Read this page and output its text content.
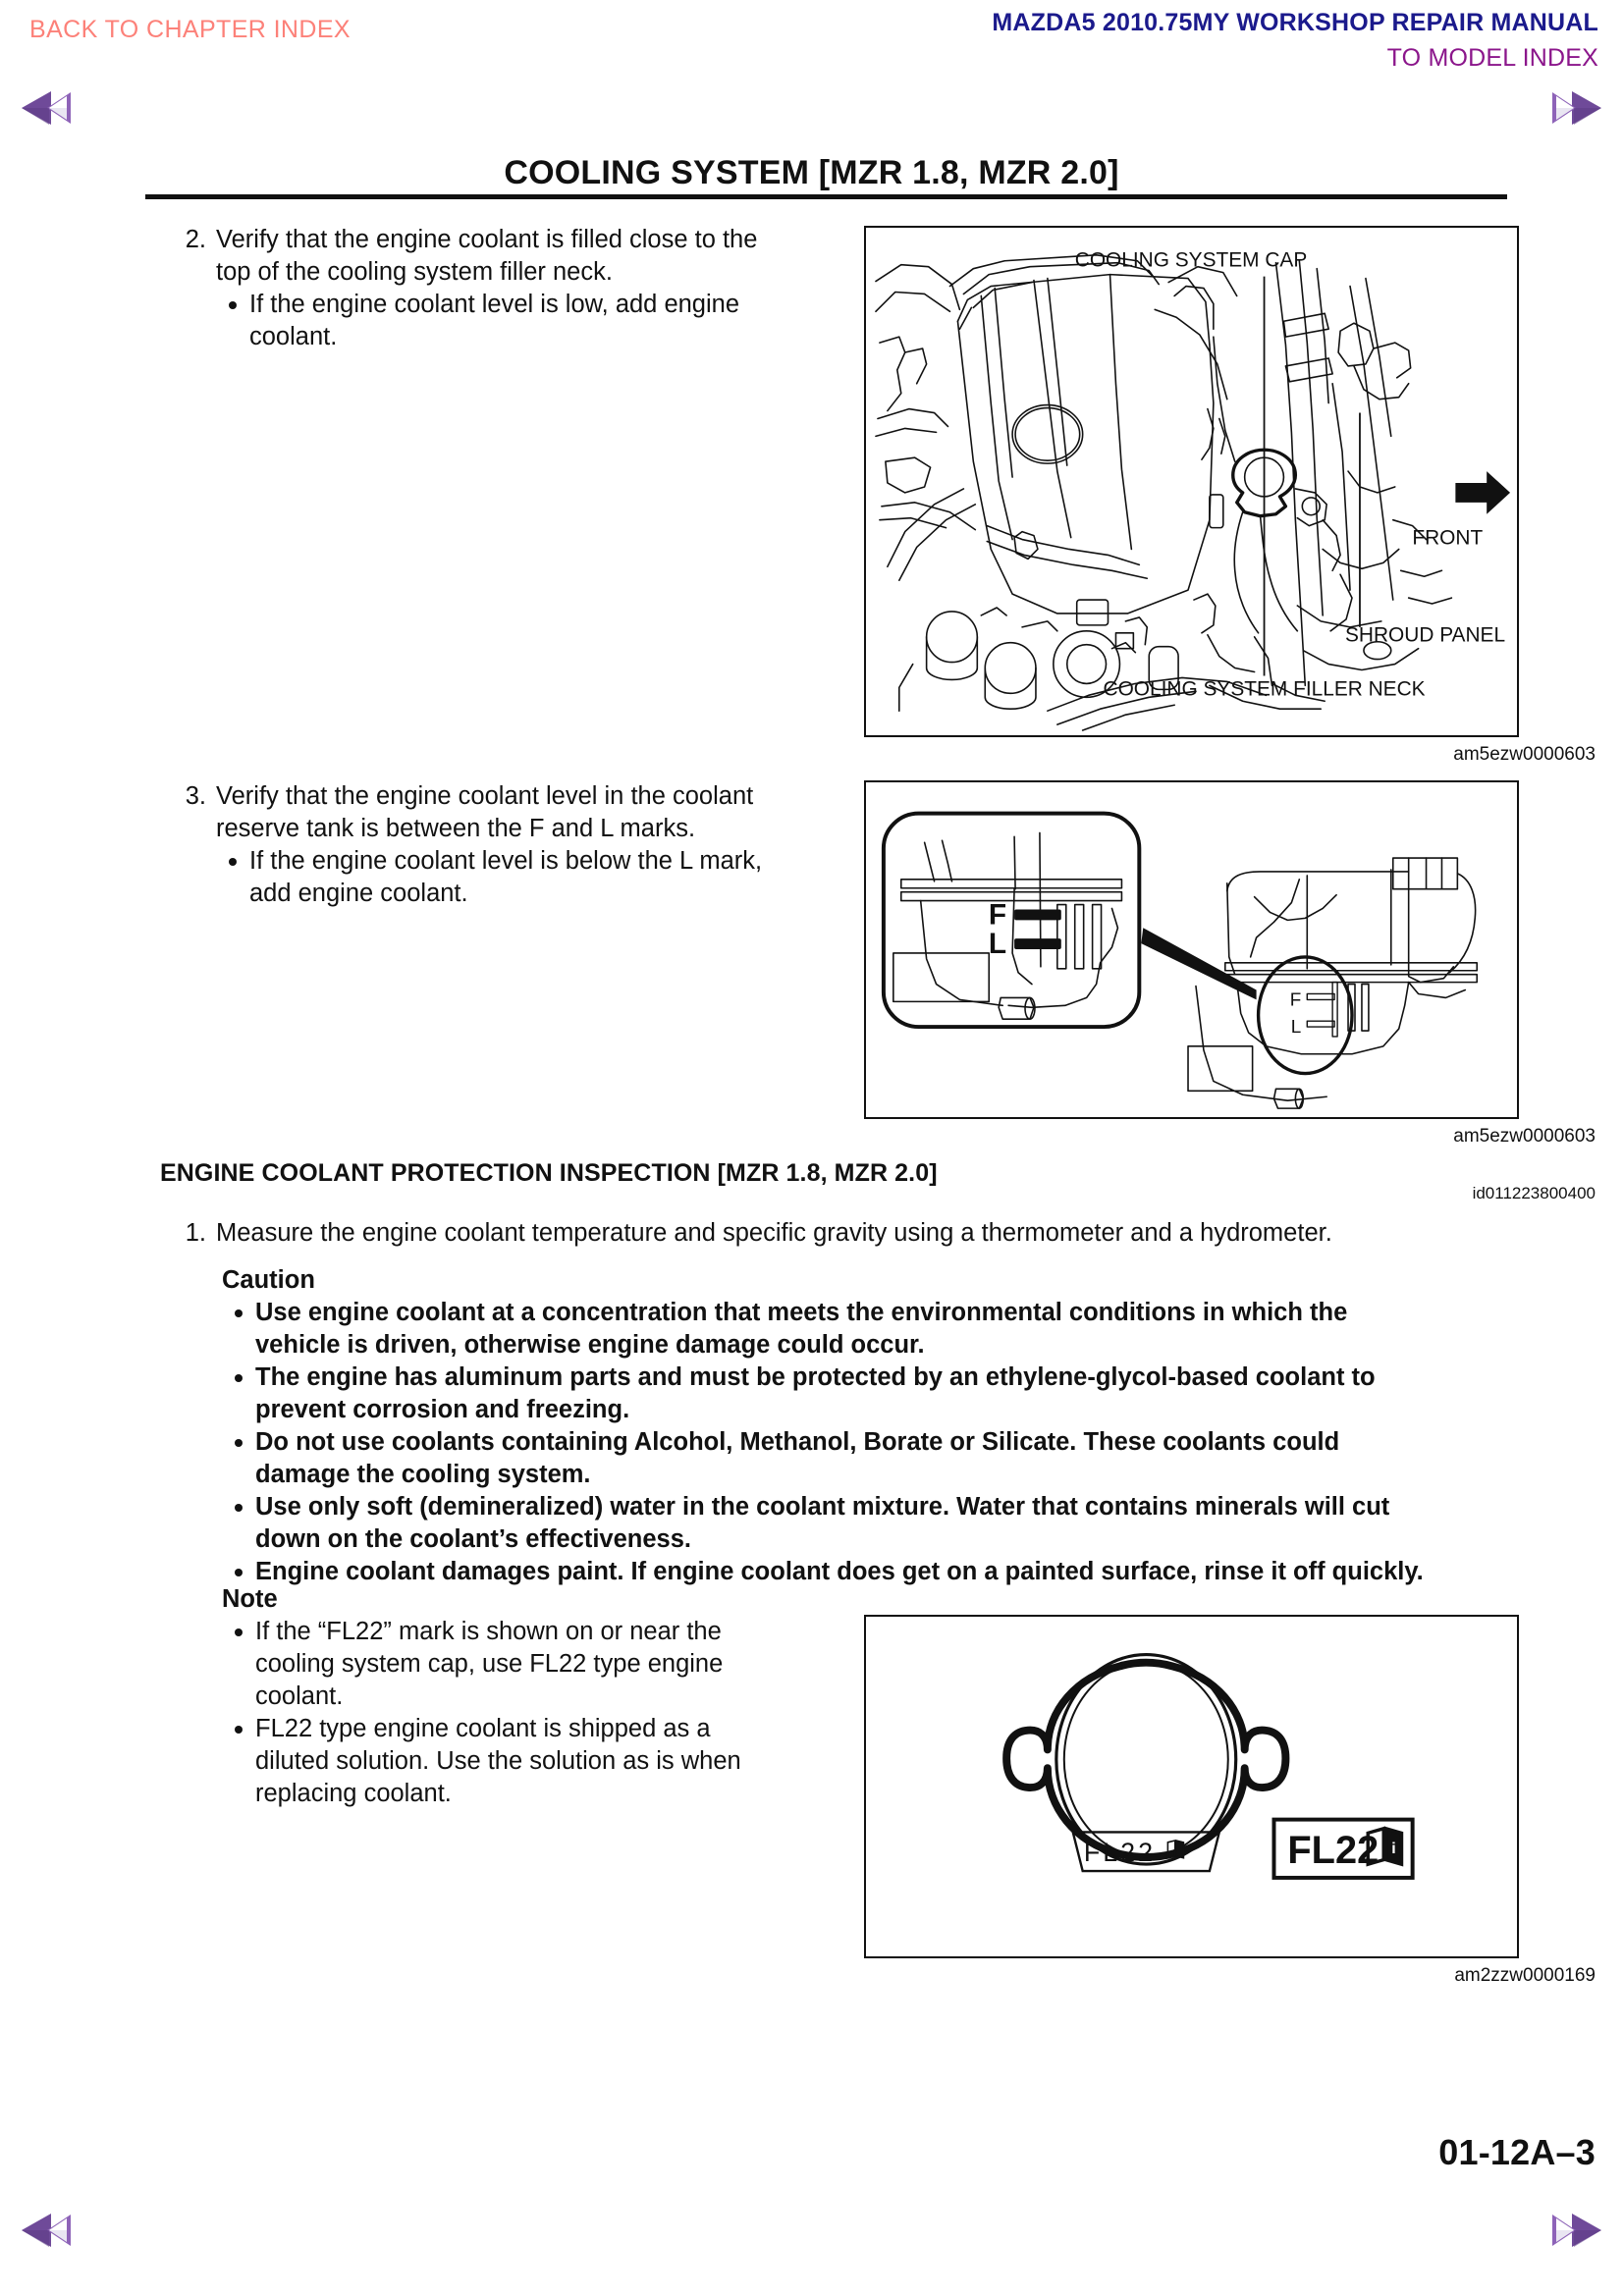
BACK TO CHAPTER INDEX	MAZDA5 2010.75MY WORKSHOP REPAIR MANUAL
TO MODEL INDEX
COOLING SYSTEM [MZR 1.8, MZR 2.0]
2. Verify that the engine coolant is filled close to the
top of the cooling system filler neck.
If the engine coolant level is low, add engine
coolant.
COOLING SYSTEM CAP
FRONT
SHROUD PANEL
COOLING SYSTEM FILLER NECK
am5ezw0000603
3. Verify that the engine coolant level in the coolant
reserve tank is between the F and L marks.
If the engine coolant level is below the L mark,
add engine coolant.
F
L
F
L
am5ezw0000603
ENGINE COOLANT PROTECTION INSPECTION [MZR 1.8, MZR 2.0]
id011223800400
1. Measure the engine coolant temperature and specific gravity using a thermometer and a hydrometer.
Caution
Use engine coolant at a concentration that meets the environmental conditions in which the
vehicle is driven, otherwise engine damage could occur.
The engine has aluminum parts and must be protected by an ethylene-glycol-based coolant to
prevent corrosion and freezing.
Do not use coolants containing Alcohol, Methanol, Borate or Silicate. These coolants could
damage the cooling system.
Use only soft (demineralized) water in the coolant mixture. Water that contains minerals will cut
down on the coolant’s effectiveness.
Engine coolant damages paint. If engine coolant does get on a painted surface, rinse it off quickly.
Note
If the “FL22” mark is shown on or near the
cooling system cap, use FL22 type engine
coolant.
FL22 type engine coolant is shipped as a
diluted solution. Use the solution as is when
replacing coolant.
FL22	FL22 i
am2zzw0000169
01-12A–3
